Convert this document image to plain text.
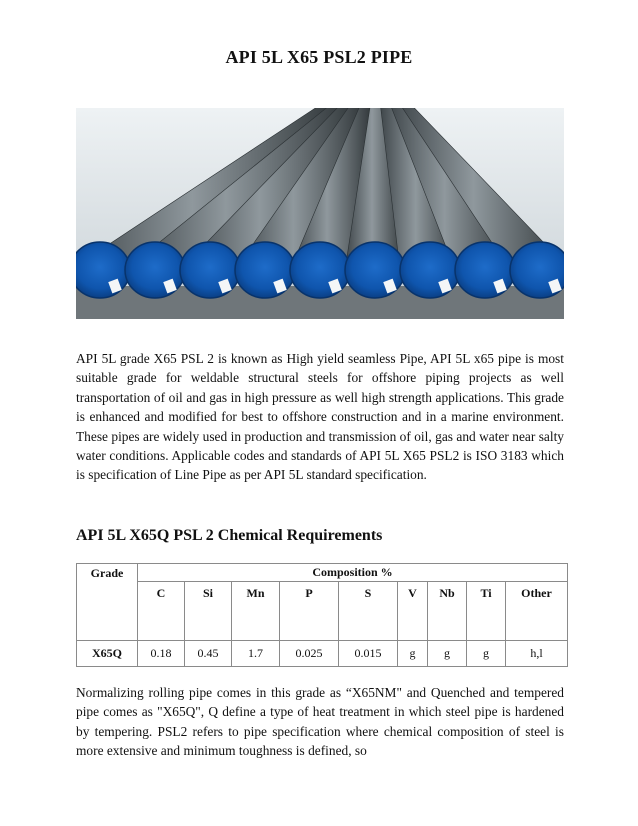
API 5L X65 PSL2 PIPE

API 5L grade X65 PSL 2 is known as High yield seamless Pipe, API 5L x65 pipe is most suitable grade for weldable structural steels for offshore piping projects as well transportation of oil and gas in high pressure as well high strength applications. This grade is enhanced and modified for best to offshore construction and in a marine environment. These pipes are widely used in production and transmission of oil, gas and water near salty water conditions. Applicable codes and standards of API 5L X65 PSL2 is ISO 3183 which is specification of Line Pipe as per API 5L standard specification.

API 5L X65Q PSL 2 Chemical Requirements
Grade	Composition %								
	C	Si	Mn	P	S	V	Nb	Ti	Other
X65Q	0.18	0.45	1.7	0.025	0.015	g	g	g	h,l

Normalizing rolling pipe comes in this grade as “X65NM" and Quenched and tempered pipe comes as "X65Q", Q define a type of heat treatment in which steel pipe is hardened by tempering. PSL2 refers to pipe specification where chemical composition of steel is more extensive and minimum toughness is defined, so
